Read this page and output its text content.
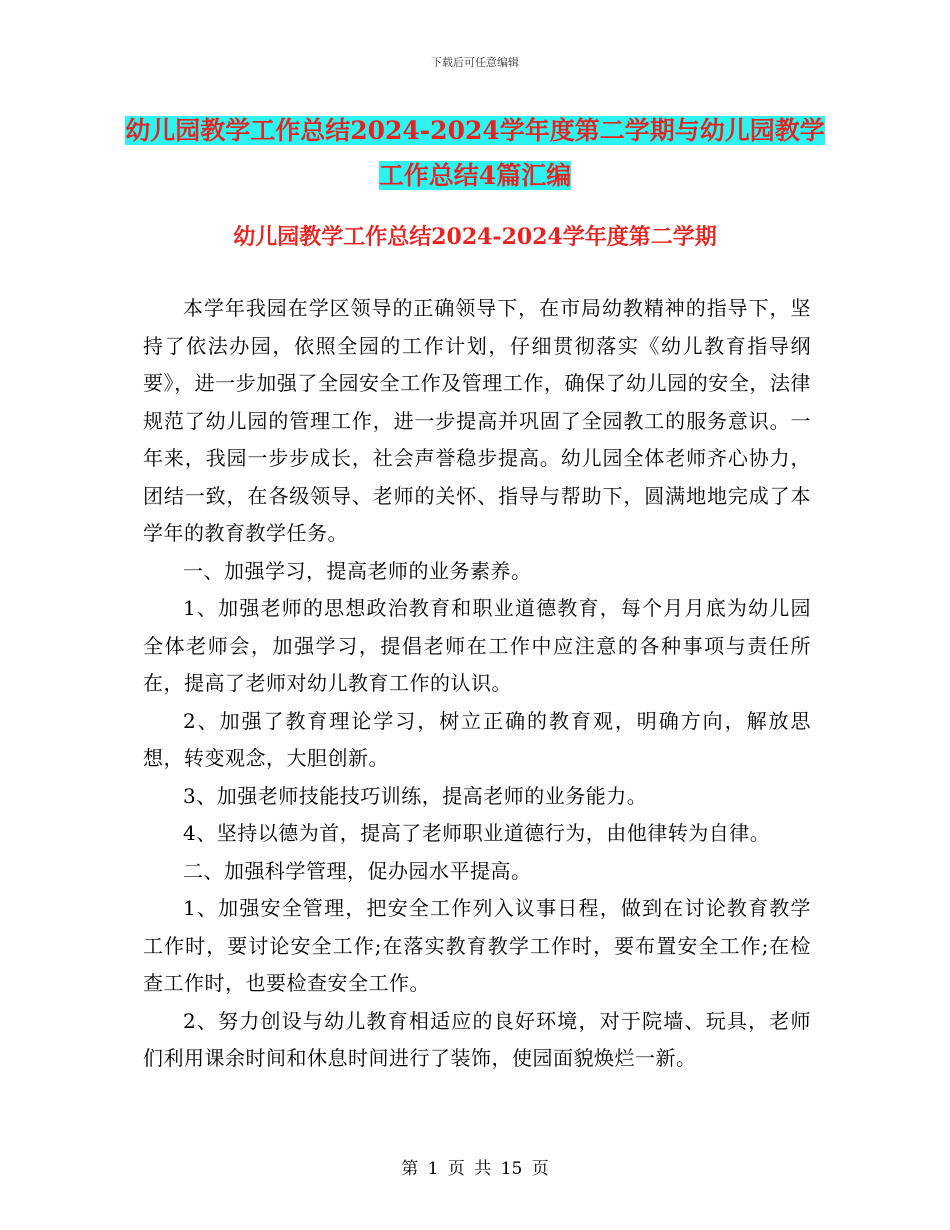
下载后可任意编辑
幼儿园教学工作总结2024-2024学年度第二学期与幼儿园教学工作总结4篇汇编
幼儿园教学工作总结2024-2024学年度第二学期

本学年我园在学区领导的正确领导下，在市局幼教精神的指导下，坚持了依法办园，依照全园的工作计划，仔细贯彻落实《幼儿教育指导纲要》，进一步加强了全园安全工作及管理工作，确保了幼儿园的安全，法律规范了幼儿园的管理工作，进一步提高并巩固了全园教工的服务意识。一年来，我园一步步成长，社会声誉稳步提高。幼儿园全体老师齐心协力，团结一致，在各级领导、老师的关怀、指导与帮助下，圆满地地完成了本学年的教育教学任务。

一、加强学习，提高老师的业务素养。

1、加强老师的思想政治教育和职业道德教育，每个月月底为幼儿园全体老师会，加强学习，提倡老师在工作中应注意的各种事项与责任所在，提高了老师对幼儿教育工作的认识。

2、加强了教育理论学习，树立正确的教育观，明确方向，解放思想，转变观念，大胆创新。

3、加强老师技能技巧训练，提高老师的业务能力。

4、坚持以德为首，提高了老师职业道德行为，由他律转为自律。

二、加强科学管理，促办园水平提高。

1、加强安全管理，把安全工作列入议事日程，做到在讨论教育教学工作时，要讨论安全工作;在落实教育教学工作时，要布置安全工作;在检查工作时，也要检查安全工作。

2、努力创设与幼儿教育相适应的良好环境，对于院墙、玩具，老师们利用课余时间和休息时间进行了装饰，使园面貌焕烂一新。

第 1 页 共 15 页
